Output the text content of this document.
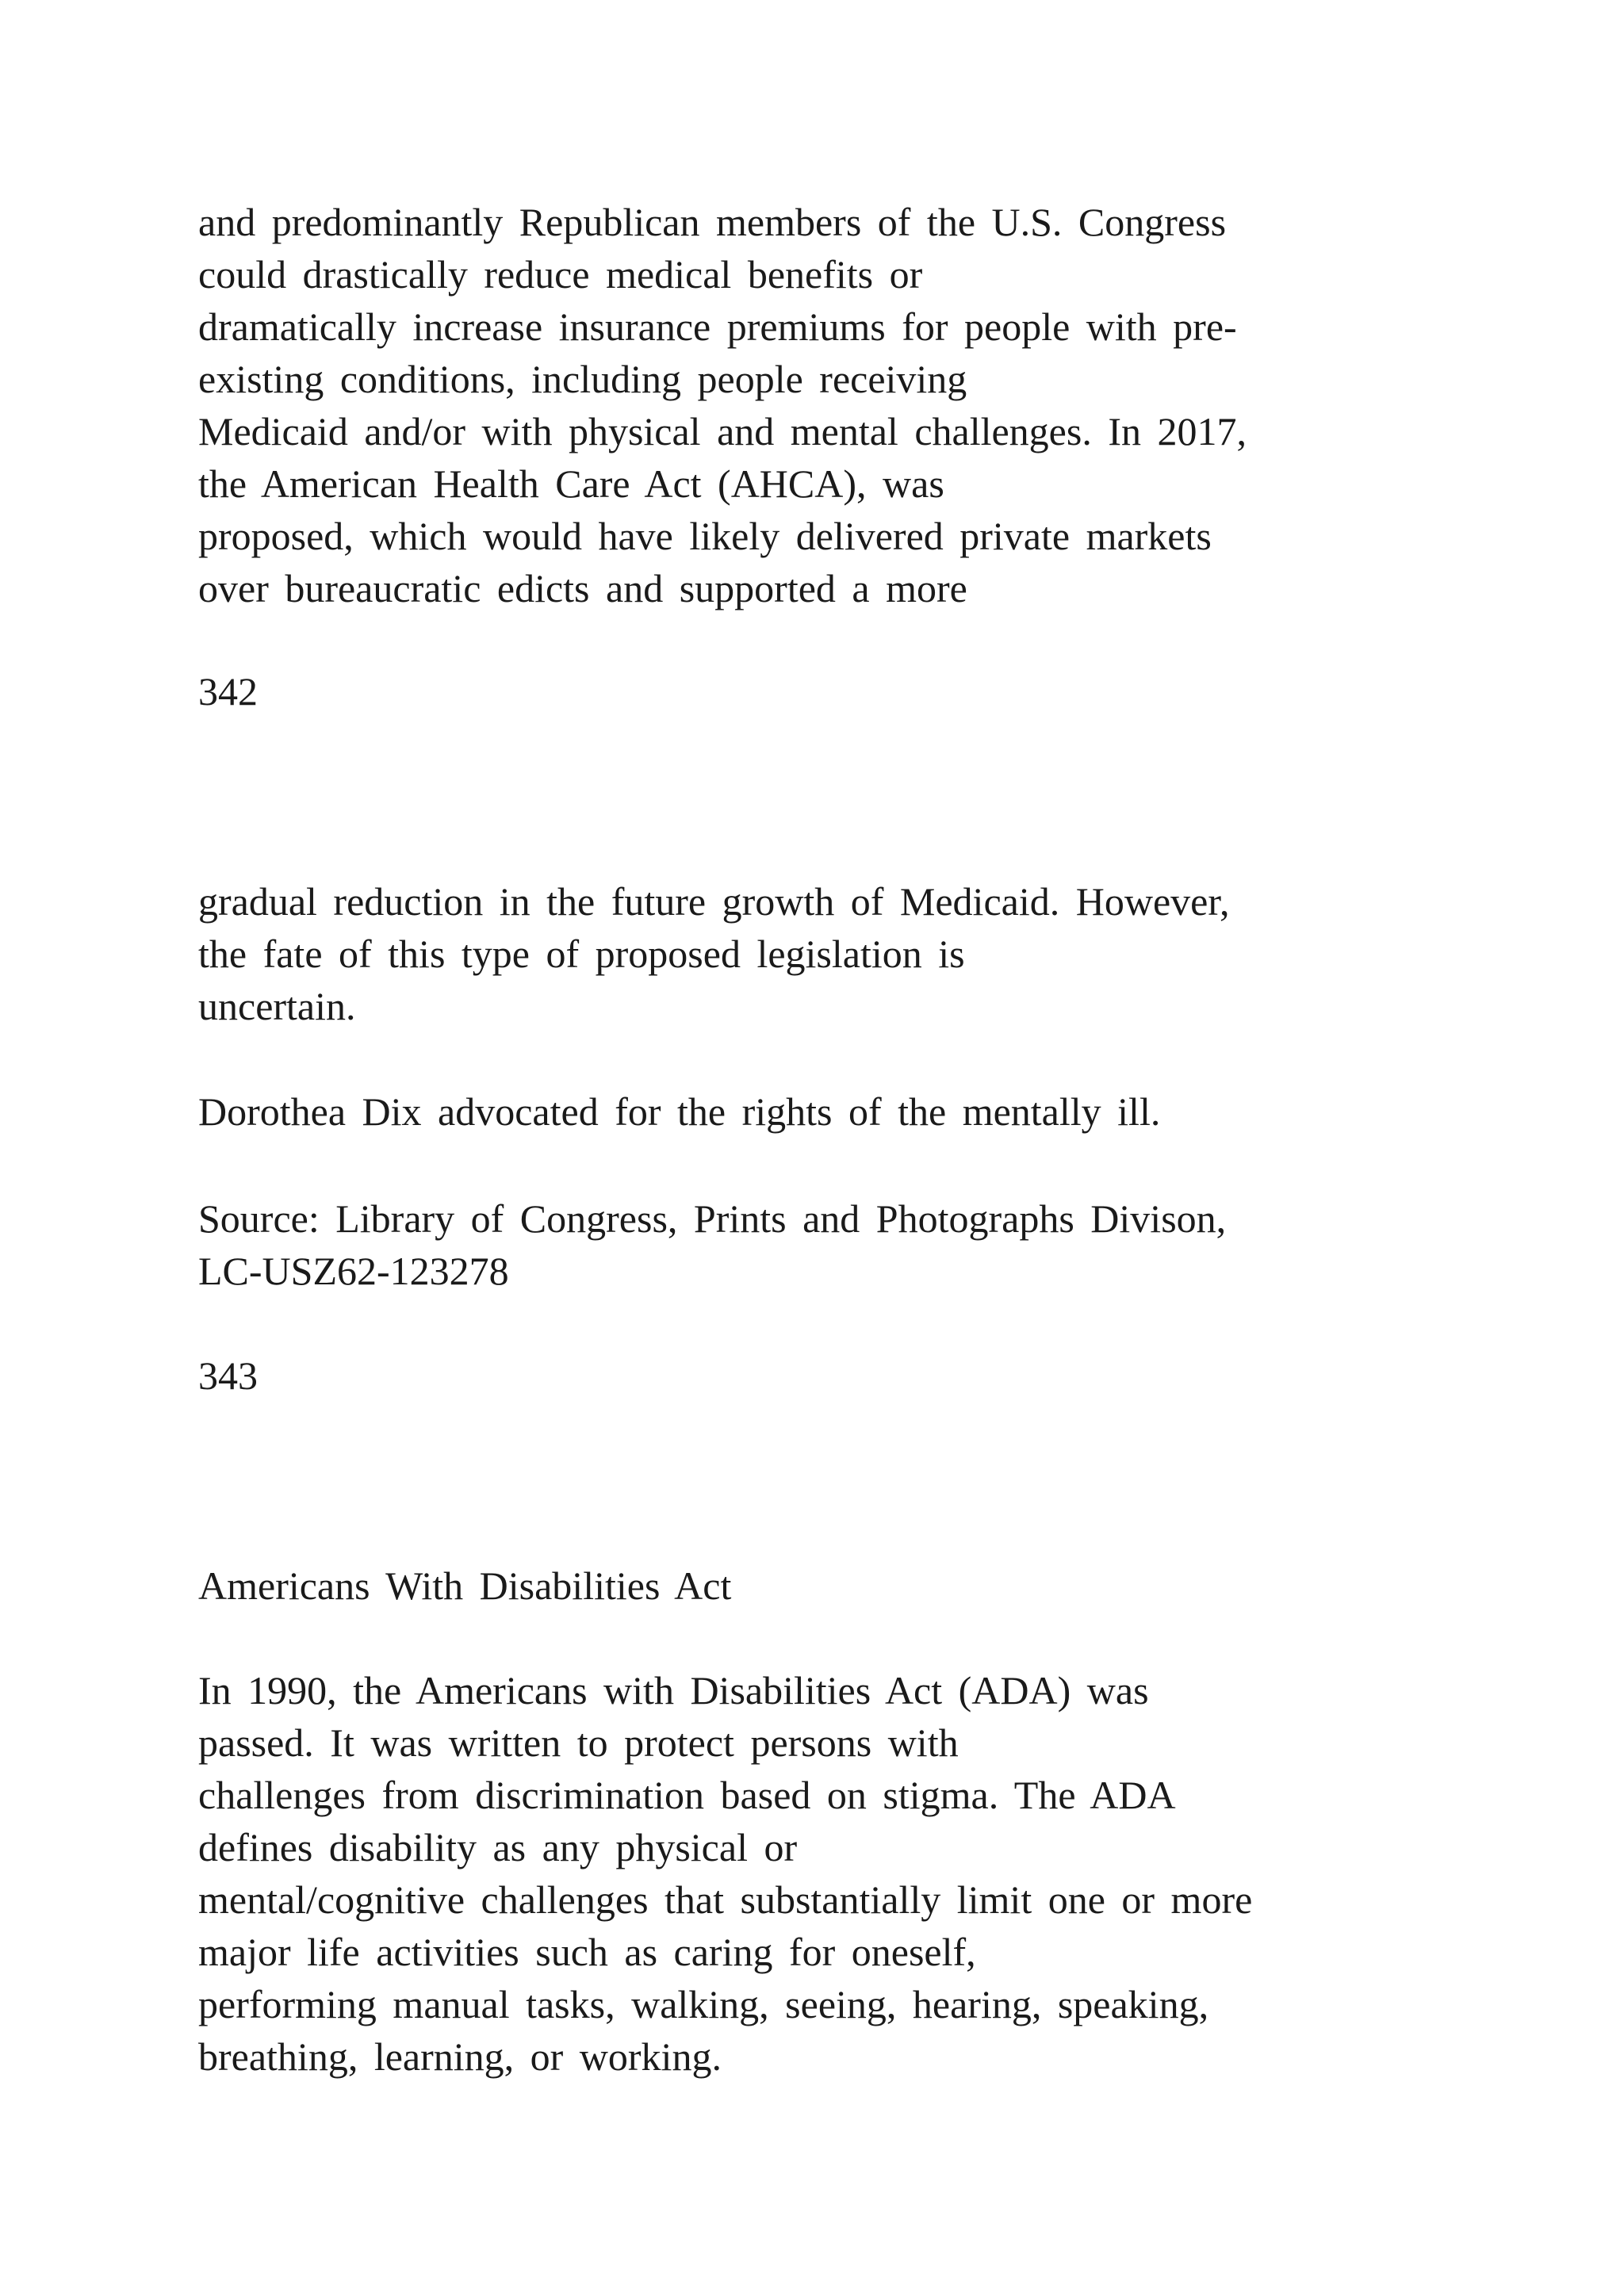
and predominantly Republican members of the U.S. Congress

could drastically reduce medical benefits or

dramatically increase insurance premiums for people with pre-

existing conditions, including people receiving

Medicaid and/or with physical and mental challenges. In 2017,

the American Health Care Act (AHCA), was

proposed, which would have likely delivered private markets

over bureaucratic edicts and supported a more

342

gradual reduction in the future growth of Medicaid. However,

the fate of this type of proposed legislation is

uncertain.

Dorothea Dix advocated for the rights of the mentally ill.

Source: Library of Congress, Prints and Photographs Divison,

LC-USZ62-123278

343

Americans With Disabilities Act

In 1990, the Americans with Disabilities Act (ADA) was

passed. It was written to protect persons with

challenges from discrimination based on stigma. The ADA

defines disability as any physical or

mental/cognitive challenges that substantially limit one or more

major life activities such as caring for oneself,

performing manual tasks, walking, seeing, hearing, speaking,

breathing, learning, or working.
